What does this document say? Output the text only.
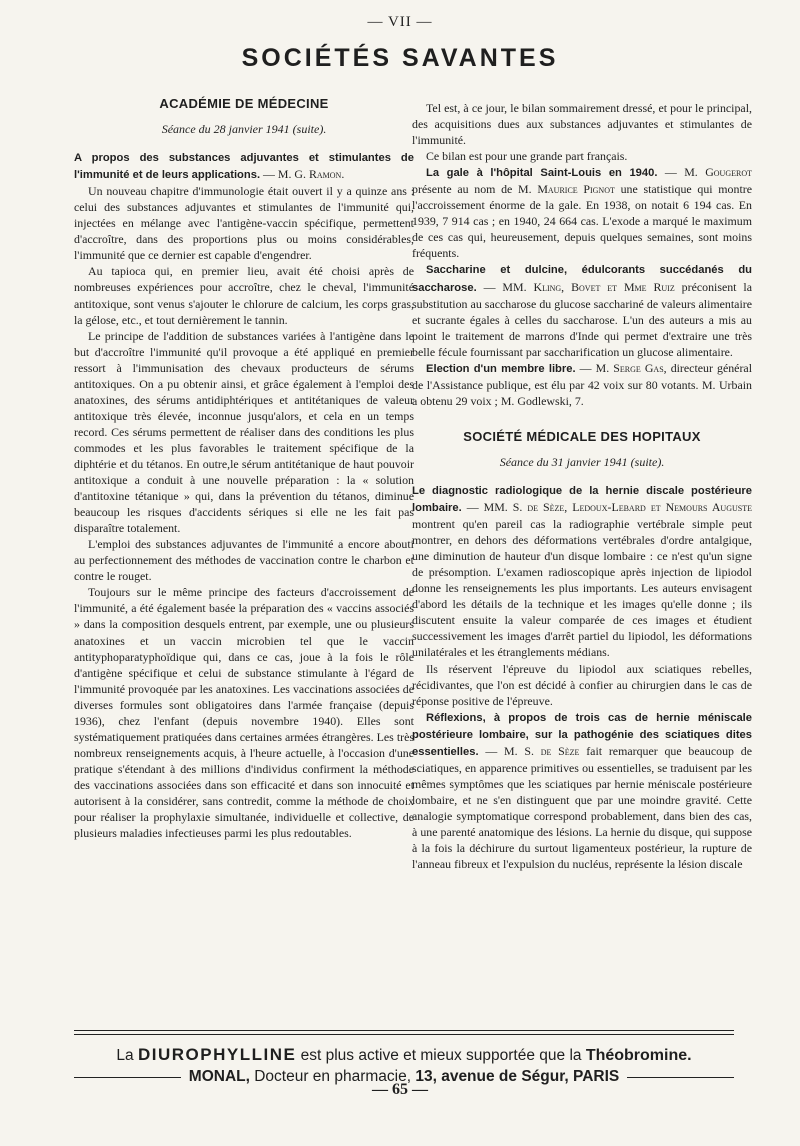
— VII —
SOCIÉTÉS SAVANTES
ACADÉMIE DE MÉDECINE
Séance du 28 janvier 1941 (suite).

A propos des substances adjuvantes et stimulantes de l'immunité et de leurs applications. — M. G. Ramon.

Un nouveau chapitre d'immunologie était ouvert il y a quinze ans : celui des substances adjuvantes et stimulantes de l'immunité qui, injectées en mélange avec l'antigène-vaccin spécifique, permettent d'accroître, dans des proportions plus ou moins considérables, l'immunité que ce dernier est capable d'engendrer.

Au tapioca qui, en premier lieu, avait été choisi après de nombreuses expériences pour accroître, chez le cheval, l'immunité antitoxique, sont venus s'ajouter le chlorure de calcium, les corps gras, la gélose, etc., et tout dernièrement le tannin.

Le principe de l'addition de substances variées à l'antigène dans le but d'accroître l'immunité qu'il provoque a été appliqué en premier ressort à l'immunisation des chevaux producteurs de sérums antitoxiques. On a pu obtenir ainsi, et grâce également à l'emploi des anatoxines, des sérums antidiphtériques et antitétaniques de valeur antitoxique très élevée, inconnue jusqu'alors, et cela en un temps record. Ces sérums permettent de réaliser dans des conditions les plus commodes et les plus favorables le traitement spécifique de la diphtérie et du tétanos. En outre,le sérum antitétanique de haut pouvoir antitoxique a conduit à une nouvelle préparation : la « solution d'antitoxine tétanique » qui, dans la prévention du tétanos, diminue beaucoup les risques d'accidents sériques si elle ne les fait pas disparaître totalement.

L'emploi des substances adjuvantes de l'immunité a encore abouti au perfectionnement des méthodes de vaccination contre le charbon et contre le rouget.

Toujours sur le même principe des facteurs d'accroissement de l'immunité, a été également basée la préparation des « vaccins associés » dans la composition desquels entrent, par exemple, une ou plusieurs anatoxines et un vaccin microbien tel que le vaccin antityphoparatyphoïdique qui, dans ce cas, joue à la fois le rôle d'antigène spécifique et celui de substance stimulante à l'égard de l'immunité provoquée par les anatoxines. Les vaccinations associées de diverses formules sont obligatoires dans l'armée française (depuis 1936), chez l'enfant (depuis novembre 1940). Elles sont systématiquement pratiquées dans certaines armées étrangères. Les très nombreux renseignements acquis, à l'heure actuelle, à l'occasion d'une pratique s'étendant à des millions d'individus confirment la méthode des vaccinations associées dans son efficacité et dans son innocuité et autorisent à la considérer, sans contredit, comme la méthode de choix pour réaliser la prophylaxie simultanée, individuelle et collective, de plusieurs maladies infectieuses parmi les plus redoutables.

Tel est, à ce jour, le bilan sommairement dressé, et pour le principal, des acquisitions dues aux substances adjuvantes et stimulantes de l'immunité.

Ce bilan est pour une grande part français.

La gale à l'hôpital Saint-Louis en 1940. — M. Gougerot présente au nom de M. Maurice Pignot une statistique qui montre l'accroissement énorme de la gale. En 1938, on notait 6 194 cas. En 1939, 7 914 cas ; en 1940, 24 664 cas. L'exode a marqué le maximum de ces cas qui, heureusement, depuis quelques semaines, sont moins fréquents.

Saccharine et dulcine, édulcorants succédanés du saccharose. — MM. Kling, Bovet et Mme Ruiz préconisent la substitution au saccharose du glucose sacchariné de valeurs alimentaire et sucrante égales à celles du saccharose. L'un des auteurs a mis au point le traitement de marrons d'Inde qui permet d'extraire une très belle fécule fournissant par saccharification un glucose alimentaire.

Election d'un membre libre. — M. Serge Gas, directeur général de l'Assistance publique, est élu par 42 voix sur 80 votants. M. Urbain a obtenu 29 voix ; M. Godlewski, 7.

SOCIÉTÉ MÉDICALE DES HOPITAUX
Séance du 31 janvier 1941 (suite).

Le diagnostic radiologique de la hernie discale postérieure lombaire. — MM. S. de Sèze, Ledoux-Lebard et Nemours Auguste montrent qu'en pareil cas la radiographie vertébrale simple peut montrer, en dehors des déformations vertébrales d'ordre antalgique, une diminution de hauteur d'un disque lombaire : ce n'est qu'un signe de présomption. L'examen radioscopique après injection de lipiodol donne les renseignements les plus importants. Les auteurs envisagent d'abord les détails de la technique et les images qu'elle donne ; ils discutent ensuite la valeur comparée de ces images et étudient successivement les images d'arrêt partiel du lipiodol, les déformations unilatérales et les étranglements médians.

Ils réservent l'épreuve du lipiodol aux sciatiques rebelles, récidivantes, que l'on est décidé à confier au chirurgien dans le cas de réponse positive de l'épreuve.

Réflexions, à propos de trois cas de hernie méniscale postérieure lombaire, sur la pathogénie des sciatiques dites essentielles. — M. S. de Sèze fait remarquer que beaucoup de sciatiques, en apparence primitives ou essentielles, se traduisent par les mêmes symptômes que les sciatiques par hernie méniscale postérieure lombaire, et ne s'en distinguent que par une moindre gravité. Cette analogie symptomatique correspond probablement, dans bien des cas, à une parenté anatomique des lésions. La hernie du disque, qui suppose à la fois la déchirure du surtout ligamenteux postérieur, la rupture de l'anneau fibreux et l'expulsion du nucléus, représente la lésion discale

La DIUROPHYLLINE est plus active et mieux supportée que la Théobromine.
MONAL, Docteur en pharmacie, 13, avenue de Ségur, PARIS
— 65 —
